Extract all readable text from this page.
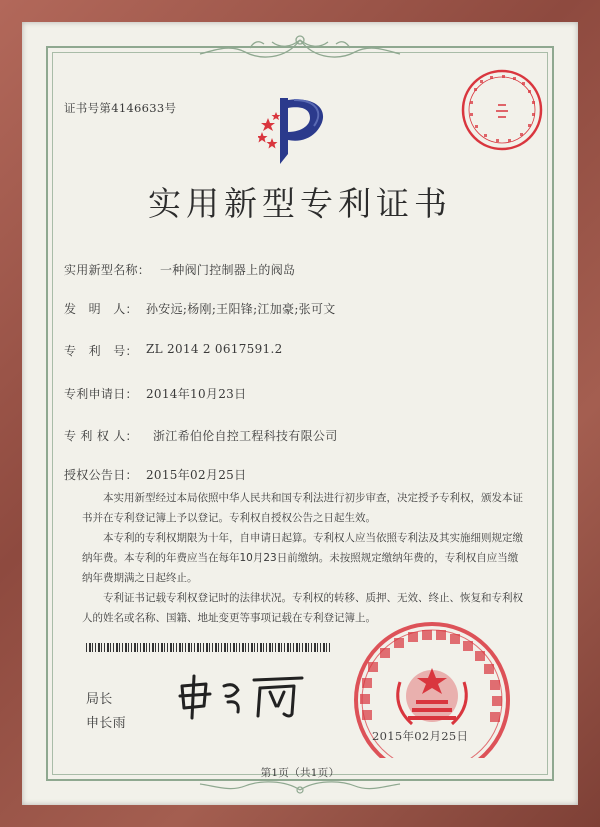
证书号第4146633号
实用新型专利证书
实用新型名称： 一种阀门控制器上的阀岛
发　明　人： 孙安远;杨刚;王阳锋;江加豪;张可文
专　利　号： ZL 2014 2 0617591.2
专利申请日： 2014年10月23日
专 利 权 人： 浙江希伯伦自控工程科技有限公司
授权公告日： 2015年02月25日

本实用新型经过本局依照中华人民共和国专利法进行初步审查，决定授予专利权，颁发本证书并在专利登记簿上予以登记。专利权自授权公告之日起生效。

本专利的专利权期限为十年，自申请日起算。专利权人应当依照专利法及其实施细则规定缴纳年费。本专利的年费应当在每年10月23日前缴纳。未按照规定缴纳年费的，专利权自应当缴纳年费期满之日起终止。

专利证书记载专利权登记时的法律状况。专利权的转移、质押、无效、终止、恢复和专利权人的姓名或名称、国籍、地址变更等事项记载在专利登记簿上。

局长
申长雨
2015年02月25日
第1页（共1页）
